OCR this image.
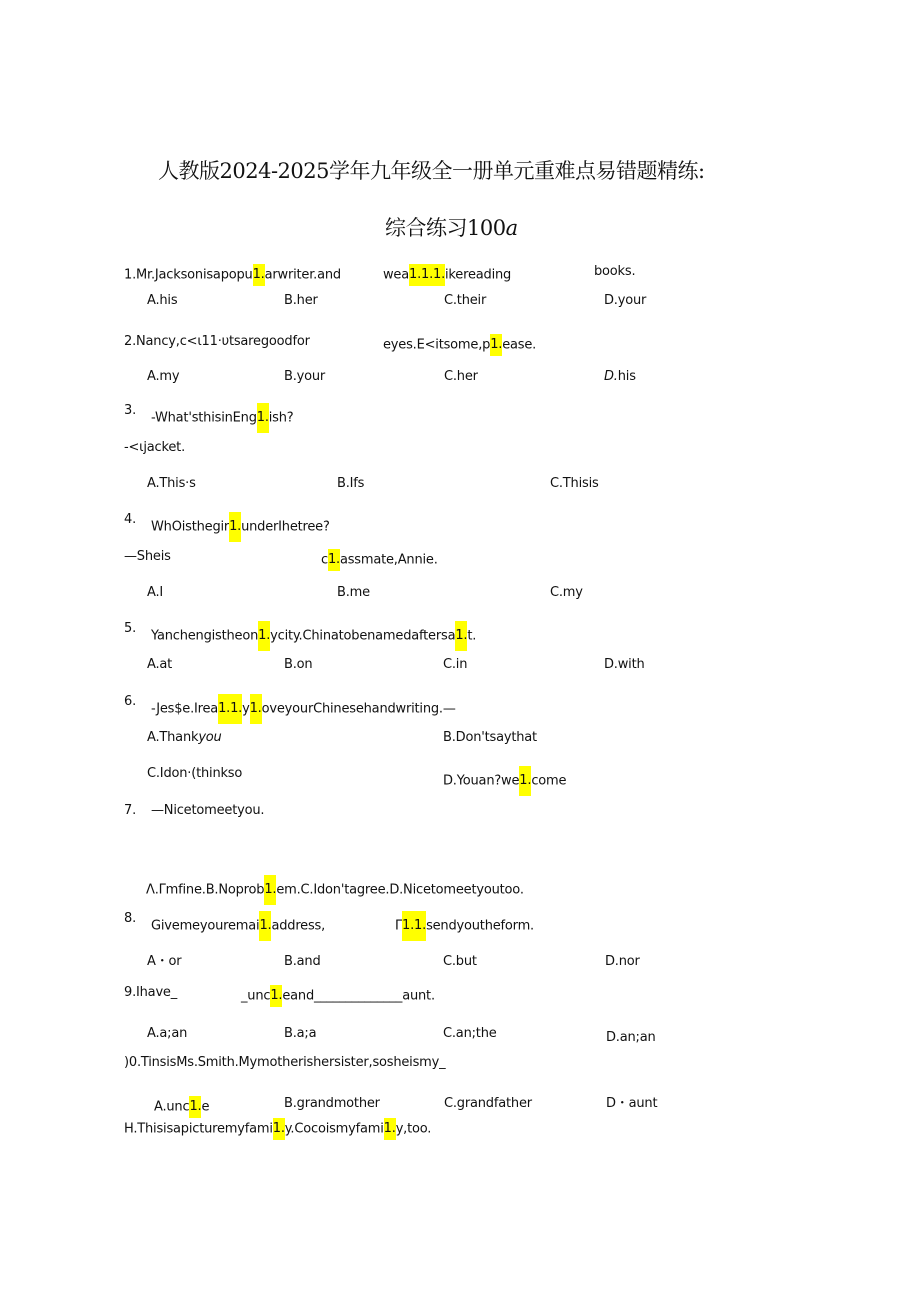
人教版2024-2025学年九年级全一册单元重难点易错题精练:
综合练习100a
1.Mr.Jacksonisapopu1.arwriter.and	wea1.1.1.ikereading	books.
A.his	B.her	C.their	D.your
2.Nancy,c<ι11·υtsaregoodfor	eyes.E<itsome,p1.ease.
A.my	B.your	C.her	D.his
3. -What'sthisinEng1.ish?
-<ιjacket.
A.This·s	B.Ifs	C.Thisis
4. WhOisthegir1.underIhetree?
—Sheis	c1.assmate,Annie.
A.I	B.me	C.my
5. Yanchengistheon1.ycity.Chinatobenamedaftersa1.t.
A.at	B.on	C.in	D.with
6. -Jes$e.Irea1.1.y1.oveyourChinesehandwriting.—
A.Thankyou	B.Don'tsaythat
C.Idon·(thinkso	D.Youan?we1.come
7. —Nicetomeetyou.
Λ.Γmfine.B.Noprob1.em.C.Idon'tagree.D.Nicetomeetyoutoo.
8. Givemeyouremai1.address,	Γ1.1.sendyoutheform.
A・or	B.and	C.but	D.nor
9.Ihave_	_unc1.eand______________aunt.
A.a;an	B.a;a	C.an;the	D.an;an
)0.TinsisMs.Smith.Mymotherishersister,sosheismy_
A.unc1.e	B.grandmother	C.grandfather	D・aunt
H.Thisisapicturemyfami1.y.Cocoismyfami1.y,too.
